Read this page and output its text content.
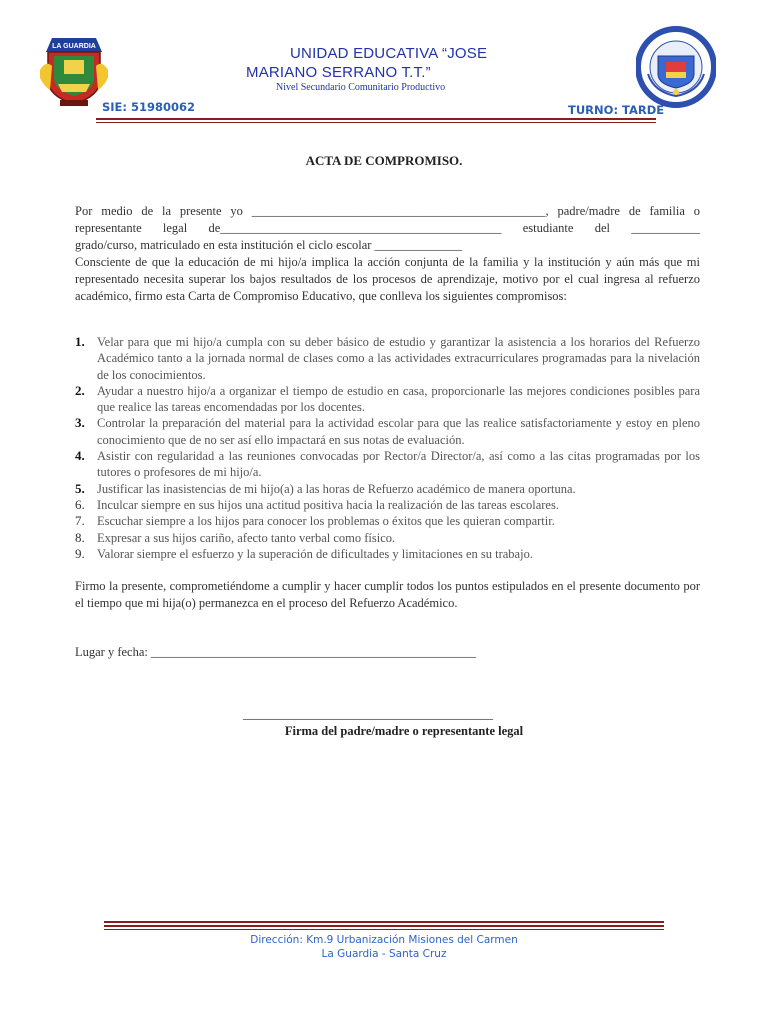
LA GUARDIA	UNIDAD EDUCATIVA “JOSE
MARIANO SERRANO T.T.”
Nivel Secundario Comunitario Productivo
SIE: 51980062	TURNO: TARDE
ACTA DE COMPROMISO.
Por medio de la presente yo _______________________________________________, padre/madre de familia o
representante legal de_____________________________________________ estudiante del ___________
grado/curso, matriculado en esta institución el ciclo escolar ______________
Consciente de que la educación de mi hijo/a implica la acción conjunta de la familia y la institución y aún más que mi representado necesita superar los bajos resultados de los procesos de aprendizaje, motivo por el cual ingresa al refuerzo académico, firmo esta Carta de Compromiso Educativo, que conlleva los siguientes compromisos:
1. Velar para que mi hijo/a cumpla con su deber básico de estudio y garantizar la asistencia a los horarios del Refuerzo Académico tanto a la jornada normal de clases como a las actividades extracurriculares programadas para la nivelación de los conocimientos.
2. Ayudar a nuestro hijo/a a organizar el tiempo de estudio en casa, proporcionarle las mejores condiciones posibles para que realice las tareas encomendadas por los docentes.
3. Controlar la preparación del material para la actividad escolar para que las realice satisfactoriamente y estoy en pleno conocimiento que de no ser así ello impactará en sus notas de evaluación.
4. Asistir con regularidad a las reuniones convocadas por Rector/a Director/a, así como a las citas programadas por los tutores o profesores de mi hijo/a.
5. Justificar las inasistencias de mi hijo(a) a las horas de Refuerzo académico de manera oportuna.
6. Inculcar siempre en sus hijos una actitud positiva hacia la realización de las tareas escolares.
7. Escuchar siempre a los hijos para conocer los problemas o éxitos que les quieran compartir.
8. Expresar a sus hijos cariño, afecto tanto verbal como físico.
9. Valorar siempre el esfuerzo y la superación de dificultades y limitaciones en su trabajo.
Firmo la presente, comprometiéndome a cumplir y hacer cumplir todos los puntos estipulados en el presente documento por el tiempo que mi hija(o) permanezca en el proceso del Refuerzo Académico.
Lugar y fecha: ____________________________________________________
________________________________________
Firma del padre/madre o representante legal
Dirección: Km.9 Urbanización Misiones del Carmen
La Guardia - Santa Cruz
